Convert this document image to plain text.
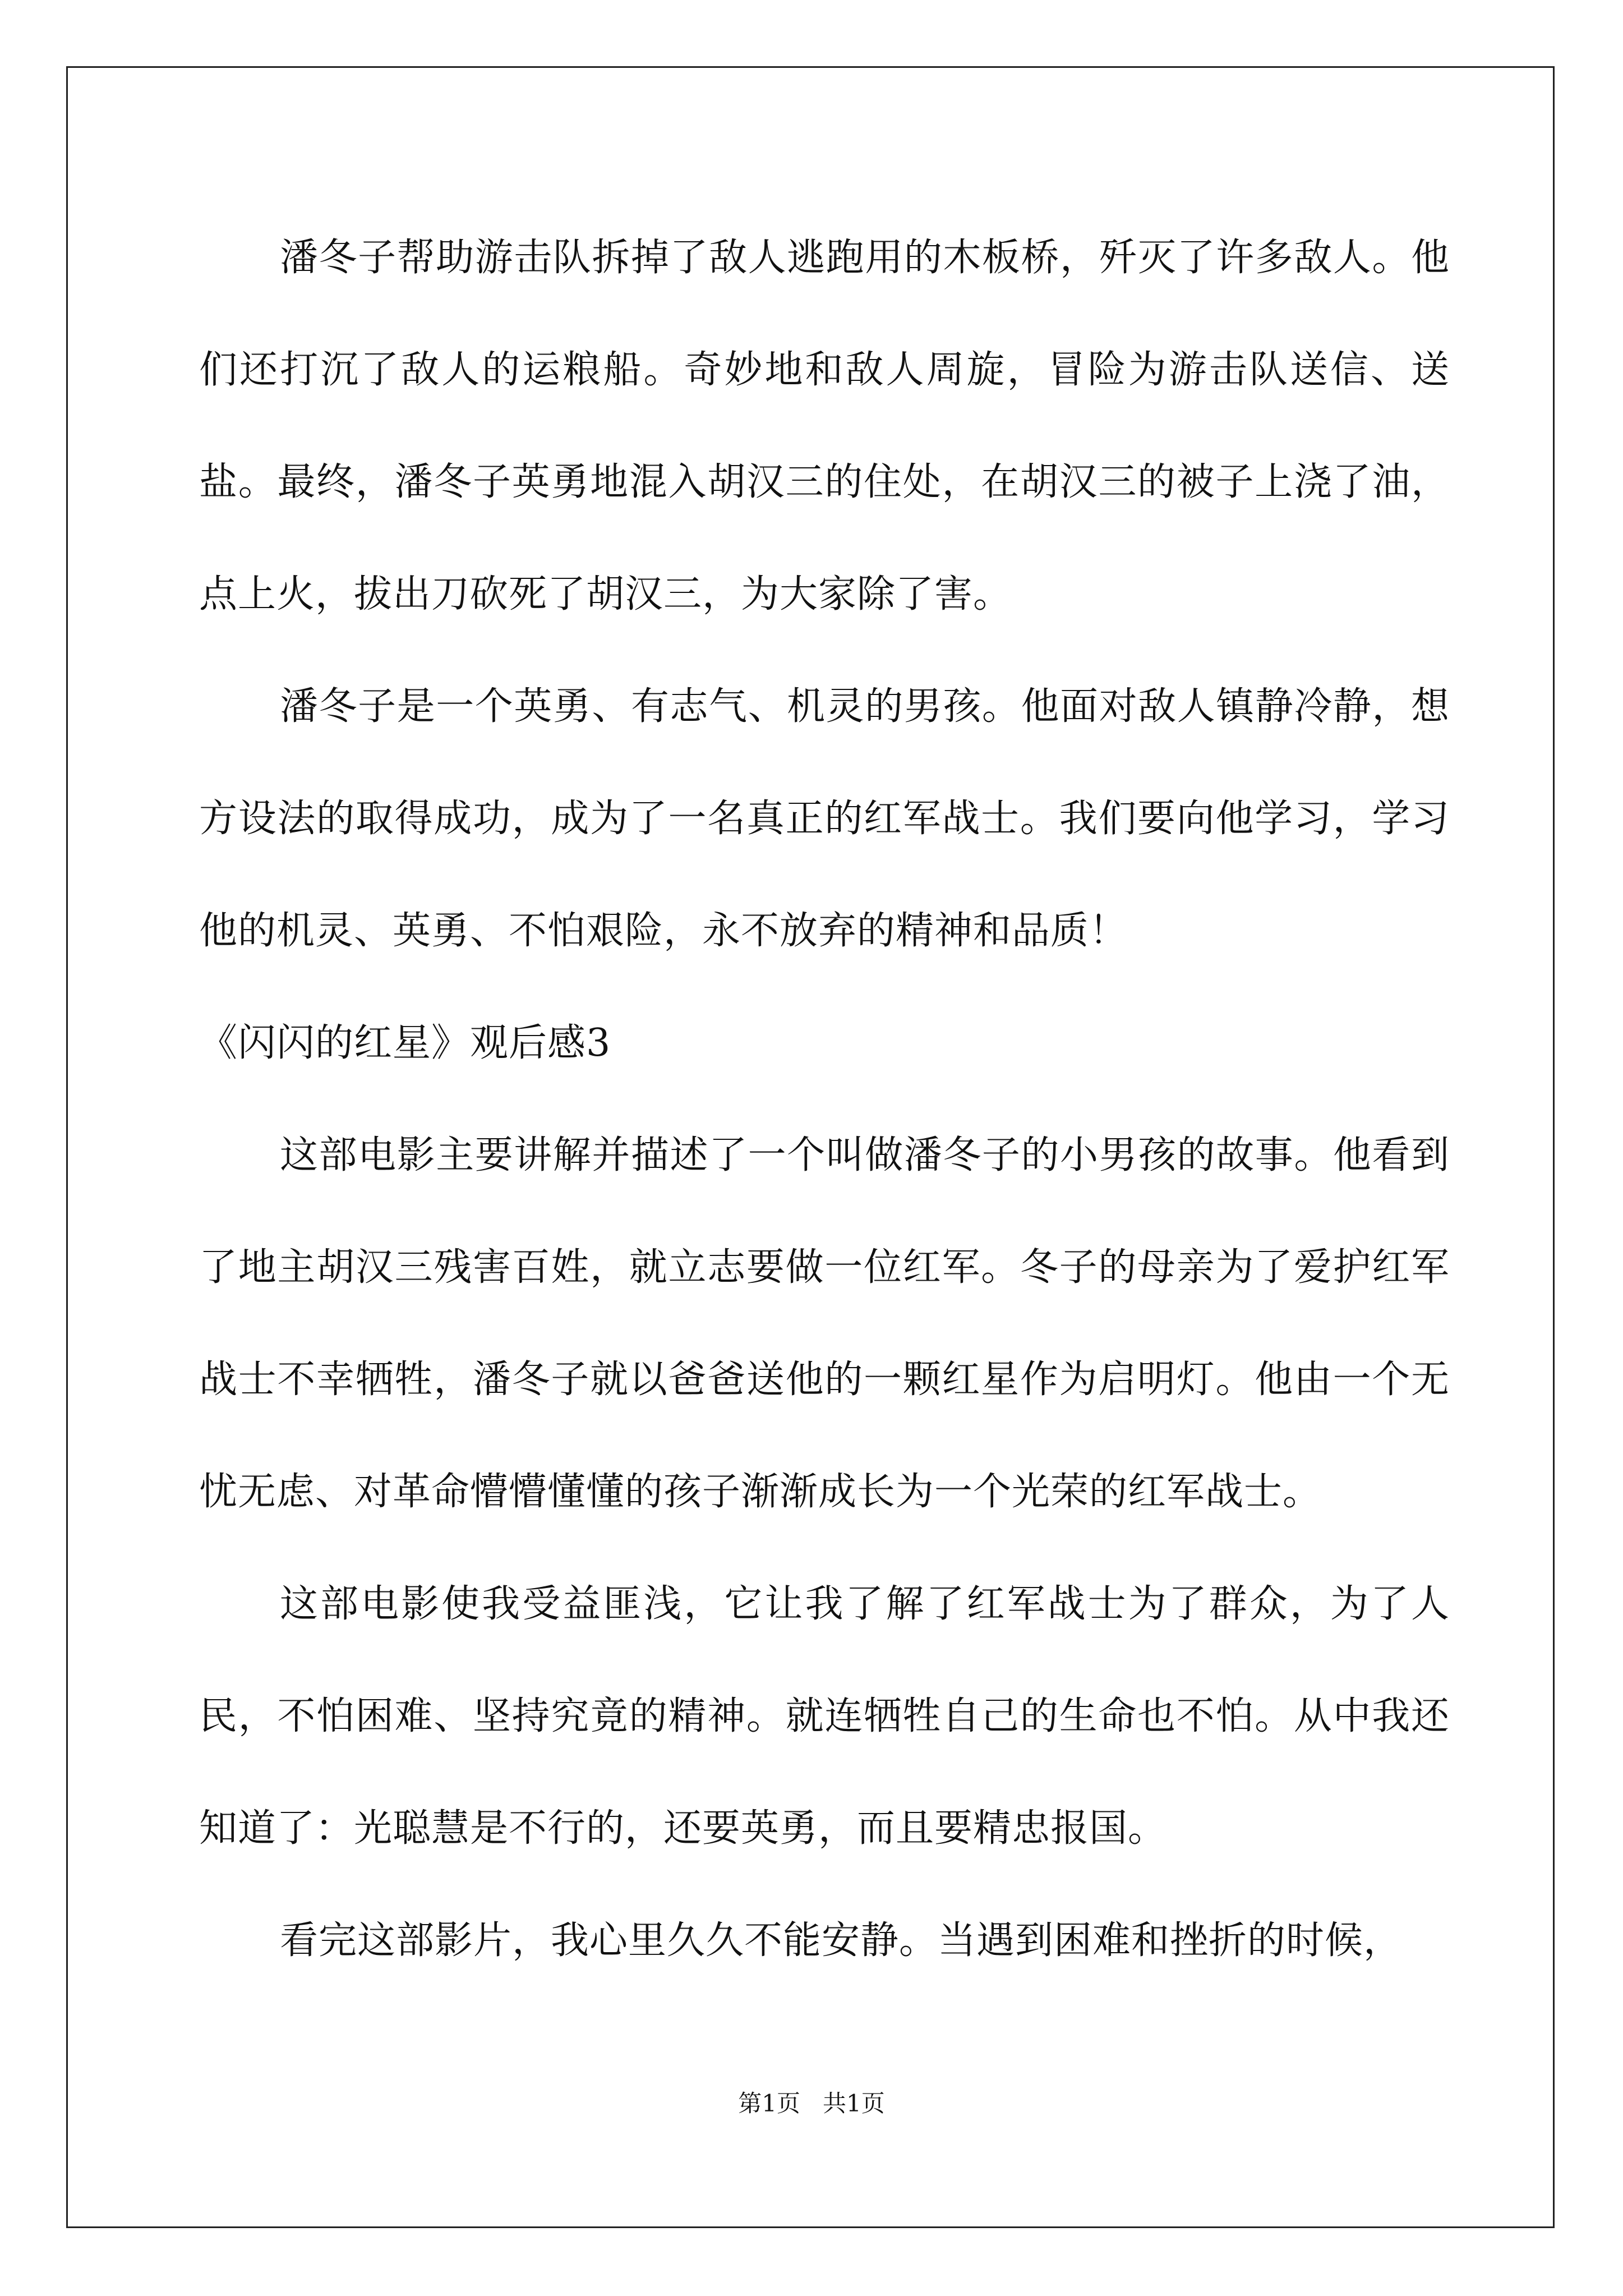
潘冬子帮助游击队拆掉了敌人逃跑用的木板桥，歼灭了许多敌人。他们还打沉了敌人的运粮船。奇妙地和敌人周旋，冒险为游击队送信、送盐。最终，潘冬子英勇地混入胡汉三的住处，在胡汉三的被子上浇了油，点上火，拔出刀砍死了胡汉三，为大家除了害。

潘冬子是一个英勇、有志气、机灵的男孩。他面对敌人镇静冷静，想方设法的取得成功，成为了一名真正的红军战士。我们要向他学习，学习他的机灵、英勇、不怕艰险，永不放弃的精神和品质！

《闪闪的红星》观后感3

这部电影主要讲解并描述了一个叫做潘冬子的小男孩的故事。他看到了地主胡汉三残害百姓，就立志要做一位红军。冬子的母亲为了爱护红军战士不幸牺牲，潘冬子就以爸爸送他的一颗红星作为启明灯。他由一个无忧无虑、对革命懵懵懂懂的孩子渐渐成长为一个光荣的红军战士。

这部电影使我受益匪浅，它让我了解了红军战士为了群众，为了人民，不怕困难、坚持究竟的精神。就连牺牲自己的生命也不怕。从中我还知道了：光聪慧是不行的，还要英勇，而且要精忠报国。

看完这部影片，我心里久久不能安静。当遇到困难和挫折的时候，

第1页 共1页
